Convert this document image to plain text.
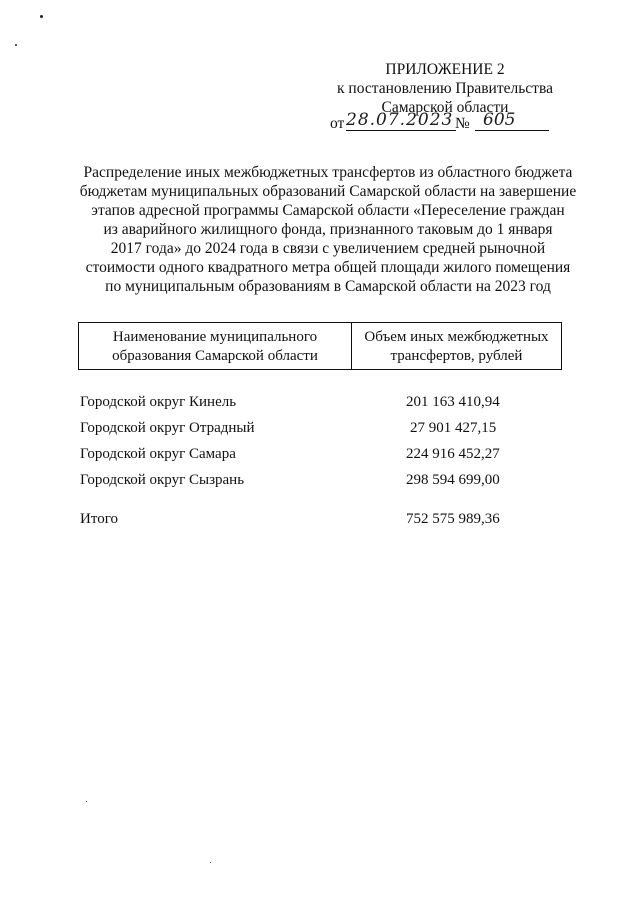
ПРИЛОЖЕНИЕ 2
к постановлению Правительства
Самарской области
от 28.07.2023 № 605
Распределение иных межбюджетных трансфертов из областного бюджета
бюджетам муниципальных образований Самарской области на завершение
этапов адресной программы Самарской области «Переселение граждан
из аварийного жилищного фонда, признанного таковым до 1 января
2017 года» до 2024 года в связи с увеличением средней рыночной
стоимости одного квадратного метра общей площади жилого помещения
по муниципальным образованиям в Самарской области на 2023 год
Наименование муниципального
образования Самарской области
Объем иных межбюджетных
трансфертов, рублей
Городской округ Кинель	201 163 410,94
Городской округ Отрадный	27 901 427,15
Городской округ Самара	224 916 452,27
Городской округ Сызрань	298 594 699,00
Итого	752 575 989,36
